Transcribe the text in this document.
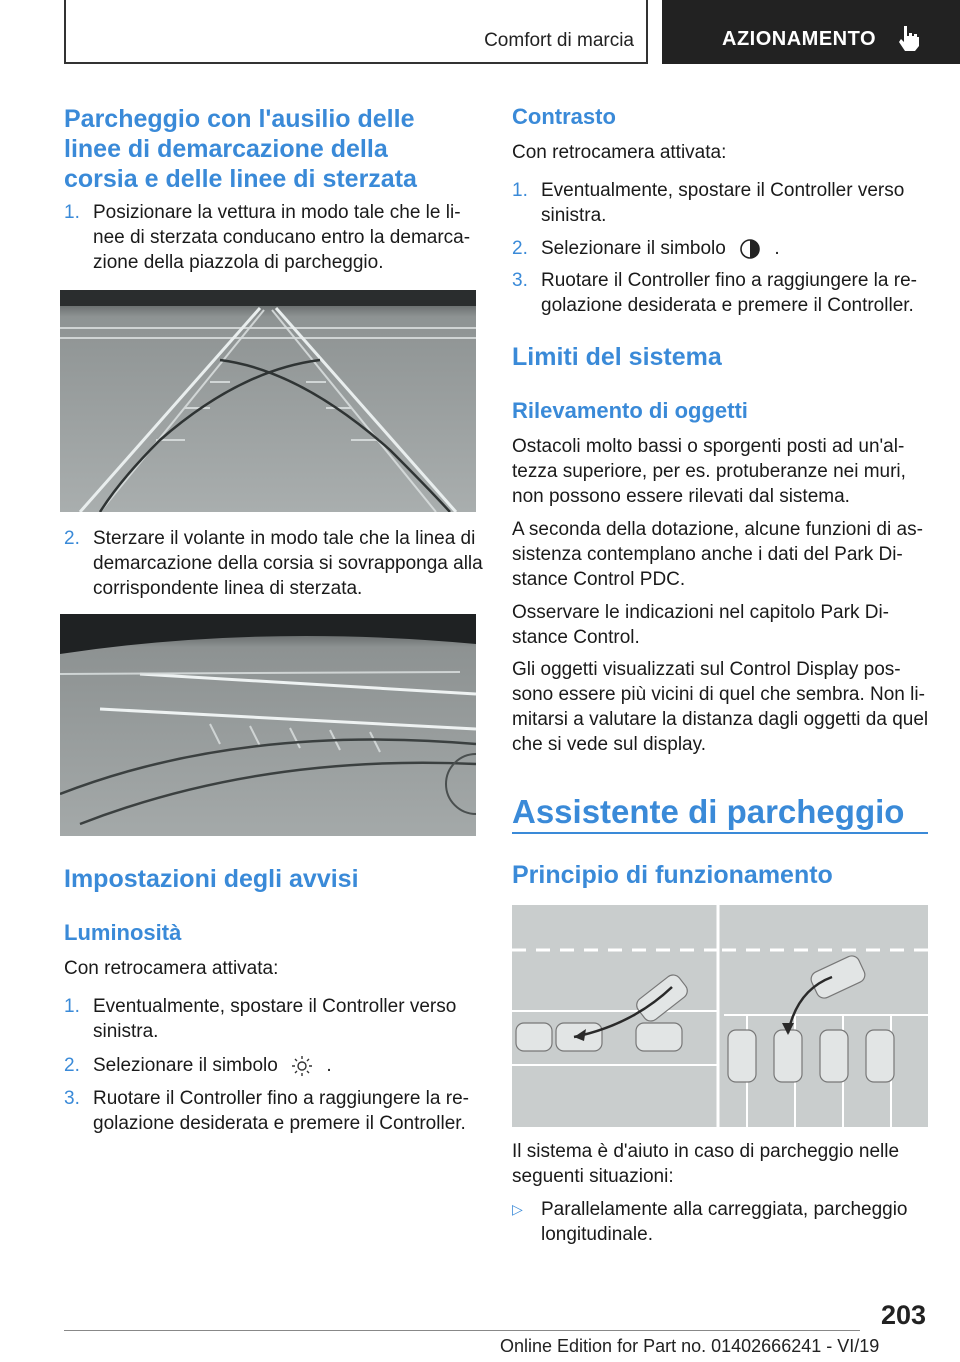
Comfort di marcia	AZIONAMENTO
Parcheggio con l'ausilio delle
linee di demarcazione della
corsia e delle linee di sterzata
1. Posizionare la vettura in modo tale che le li-
nee di sterzata conducano entro la demarca-
zione della piazzola di parcheggio.
2. Sterzare il volante in modo tale che la linea di
demarcazione della corsia si sovrapponga alla
corrispondente linea di sterzata.
Impostazioni degli avvisi
Luminosità

Con retrocamera attivata:

1. Eventualmente, spostare il Controller verso
sinistra.
2. Selezionare il simbolo	.
3. Ruotare il Controller fino a raggiungere la re-
golazione desiderata e premere il Controller.
Contrasto

Con retrocamera attivata:

1. Eventualmente, spostare il Controller verso
sinistra.
2. Selezionare il simbolo	.
3. Ruotare il Controller fino a raggiungere la re-
golazione desiderata e premere il Controller.
Limiti del sistema
Rilevamento di oggetti

Ostacoli molto bassi o sporgenti posti ad un'al-

tezza superiore, per es. protuberanze nei muri,

non possono essere rilevati dal sistema.

A seconda della dotazione, alcune funzioni di as-

sistenza contemplano anche i dati del Park Di-

stance Control PDC.

Osservare le indicazioni nel capitolo Park Di-

stance Control.

Gli oggetti visualizzati sul Control Display pos-

sono essere più vicini di quel che sembra. Non li-

mitarsi a valutare la distanza dagli oggetti da quel

che si vede sul display.

Assistente di parcheggio
Principio di funzionamento

Il sistema è d'aiuto in caso di parcheggio nelle

seguenti situazioni:

▷ Parallelamente alla carreggiata, parcheggio
longitudinale.
203
Online Edition for Part no. 01402666241 - VI/19
